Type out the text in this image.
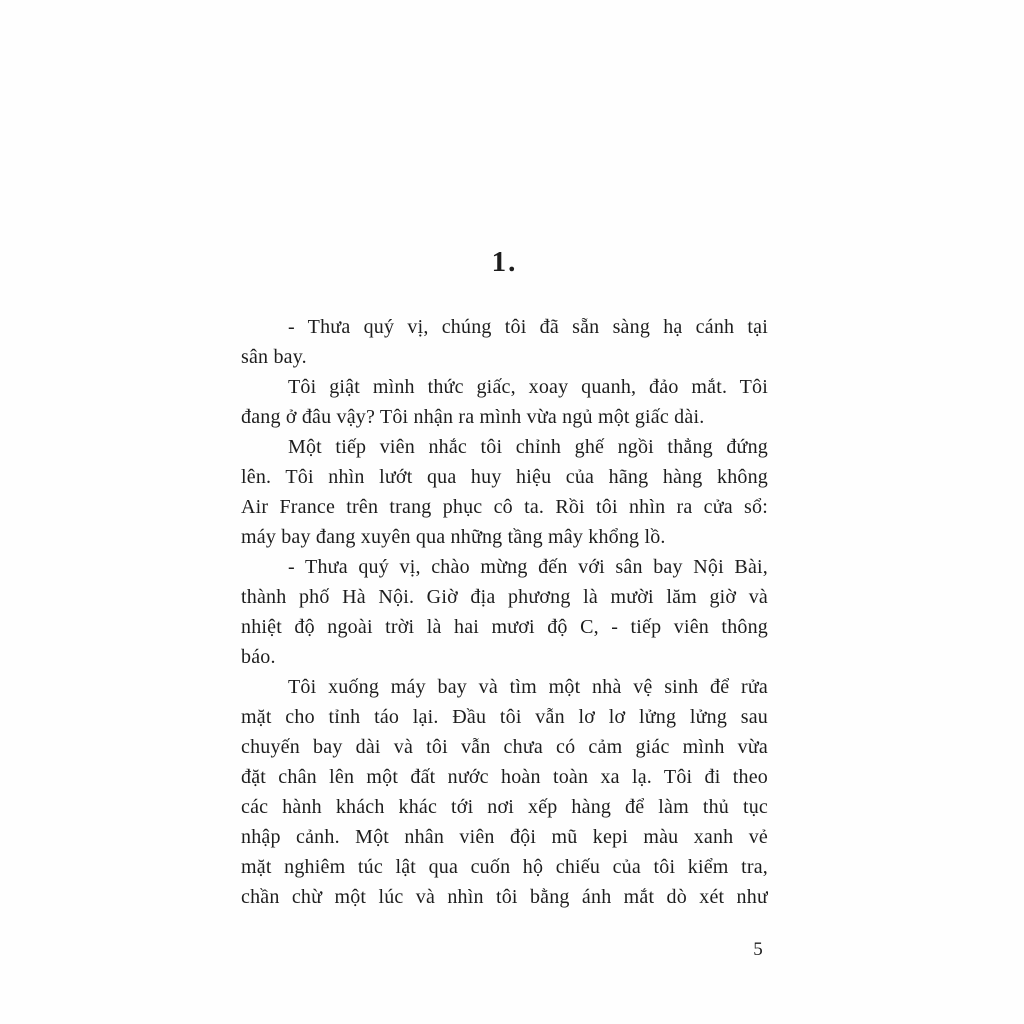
1.
- Thưa quý vị, chúng tôi đã sẵn sàng hạ cánh tại
sân bay.
Tôi giật mình thức giấc, xoay quanh, đảo mắt. Tôi
đang ở đâu vậy? Tôi nhận ra mình vừa ngủ một giấc dài.
Một tiếp viên nhắc tôi chỉnh ghế ngồi thẳng đứng
lên. Tôi nhìn lướt qua huy hiệu của hãng hàng không
Air France trên trang phục cô ta. Rồi tôi nhìn ra cửa sổ:
máy bay đang xuyên qua những tầng mây khổng lồ.
- Thưa quý vị, chào mừng đến với sân bay Nội Bài,
thành phố Hà Nội. Giờ địa phương là mười lăm giờ và
nhiệt độ ngoài trời là hai mươi độ C, - tiếp viên thông
báo.
Tôi xuống máy bay và tìm một nhà vệ sinh để rửa
mặt cho tỉnh táo lại. Đầu tôi vẫn lơ lơ lửng lửng sau
chuyến bay dài và tôi vẫn chưa có cảm giác mình vừa
đặt chân lên một đất nước hoàn toàn xa lạ. Tôi đi theo
các hành khách khác tới nơi xếp hàng để làm thủ tục
nhập cảnh. Một nhân viên đội mũ kepi màu xanh vẻ
mặt nghiêm túc lật qua cuốn hộ chiếu của tôi kiểm tra,
chần chừ một lúc và nhìn tôi bằng ánh mắt dò xét như
5
